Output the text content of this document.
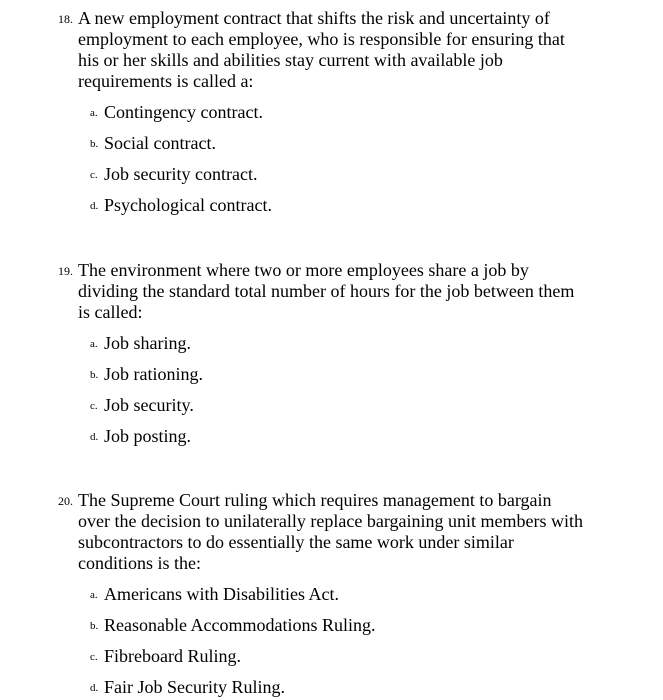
18. A new employment contract that shifts the risk and uncertainty of employment to each employee, who is responsible for ensuring that his or her skills and abilities stay current with available job requirements is called a:
a. Contingency contract.
b. Social contract.
c. Job security contract.
d. Psychological contract.
19. The environment where two or more employees share a job by dividing the standard total number of hours for the job between them is called:
a. Job sharing.
b. Job rationing.
c. Job security.
d. Job posting.
20. The Supreme Court ruling which requires management to bargain over the decision to unilaterally replace bargaining unit members with subcontractors to do essentially the same work under similar conditions is the:
a. Americans with Disabilities Act.
b. Reasonable Accommodations Ruling.
c. Fibreboard Ruling.
d. Fair Job Security Ruling.
